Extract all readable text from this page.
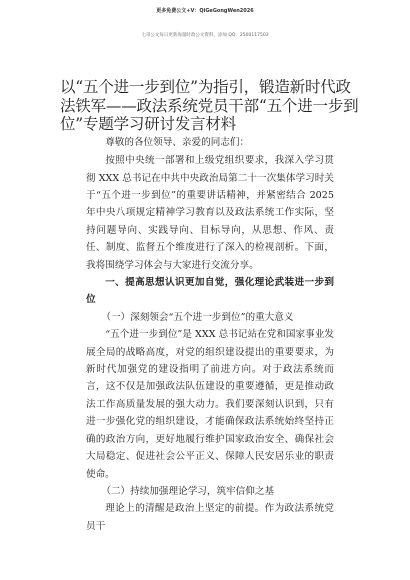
更多免费公文+V：QiGeGongWen2026
七哥公文每日更新海量时政公文资料，添加 QQ：2500117503
以“五个进一步到位”为指引，锻造新时代政法铁军——政法系统党员干部“五个进一步到位”专题学习研讨发言材料

尊敬的各位领导、亲爱的同志们：

按照中央统一部署和上级党组织要求，我深入学习贯彻 XXX 总书记在中共中央政治局第二十一次集体学习时关于“五个进一步到位”的重要讲话精神，并紧密结合 2025 年中央八项规定精神学习教育以及政法系统工作实际，坚持问题导向、实践导向、目标导向，从思想、作风、责任、制度、监督五个维度进行了深入的检视剖析。下面，我将围绕学习体会与大家进行交流分享。

一、提高思想认识更加自觉，强化理论武装进一步到位

（一）深刻领会“五个进一步到位”的重大意义

“五个进一步到位”是 XXX 总书记站在党和国家事业发展全局的战略高度，对党的组织建设提出的重要要求，为新时代加强党的建设指明了前进方向。对于政法系统而言，这不仅是加强政法队伍建设的重要遵循，更是推动政法工作高质量发展的强大动力。我们要深刻认识到，只有进一步强化党的组织建设，才能确保政法系统始终坚持正确的政治方向，更好地履行维护国家政治安全、确保社会大局稳定、促进社会公平正义、保障人民安居乐业的职责使命。

（二）持续加强理论学习，筑牢信仰之基

理论上的清醒是政治上坚定的前提。作为政法系统党员干
